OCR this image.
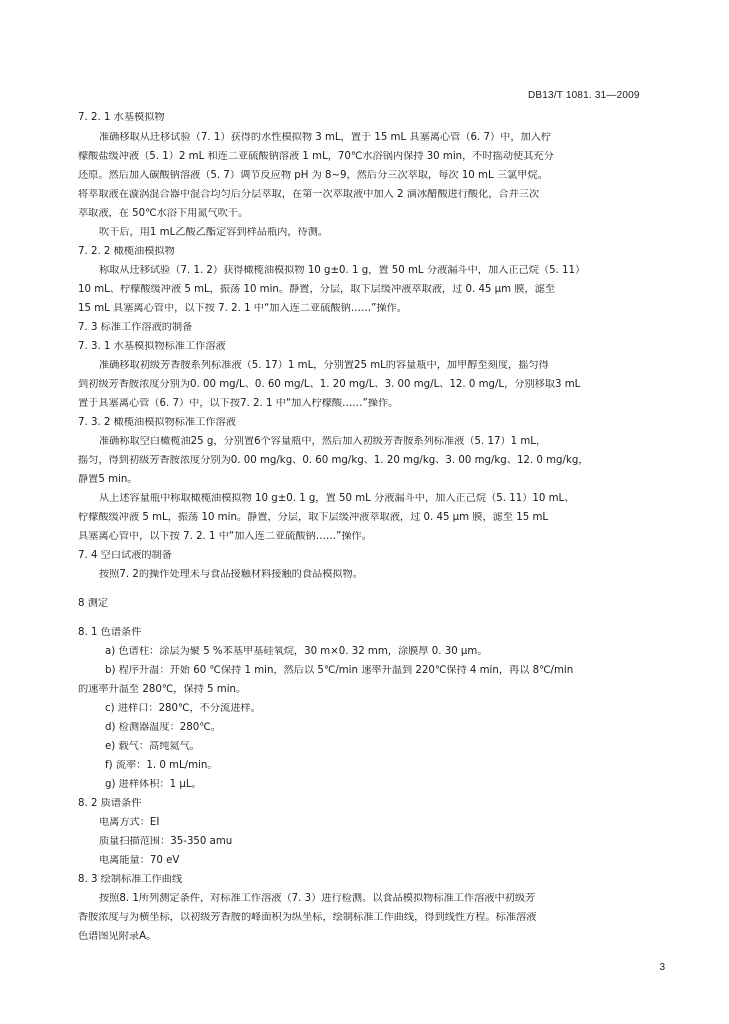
DB13/T 1081. 31—2009
7. 2. 1 水基模拟物
准确移取从迁移试验（7. 1）获得的水性模拟物 3 mL，置于 15 mL 具塞离心管（6. 7）中，加入柠
檬酸盐缓冲液（5. 1）2 mL 和连二亚硫酸钠溶液 1 mL，70℃水浴锅内保持 30 min，不时摇动使其充分
还原。然后加入碳酸钠溶液（5. 7）调节反应物 pH 为 8~9，然后分三次萃取，每次 10 mL 三氯甲烷。
将萃取液在漩涡混合器中混合均匀后分层萃取，在第一次萃取液中加入 2 滴冰醋酸进行酸化，合并三次
萃取液，在 50℃水浴下用氮气吹干。
吹干后，用1 mL乙酸乙酯定容到样品瓶内，待测。
7. 2. 2 橄榄油模拟物
称取从迁移试验（7. 1. 2）获得橄榄油模拟物 10 g±0. 1 g，置 50 mL 分液漏斗中，加入正己烷（5. 11）
10 mL、柠檬酸缓冲液 5 mL，振荡 10 min。静置，分层，取下层缓冲液萃取液，过 0. 45 μm 膜，滤至
15 mL 具塞离心管中，以下按 7. 2. 1 中“加入连二亚硫酸钠……”操作。
7. 3 标准工作溶液的制备
7. 3. 1 水基模拟物标准工作溶液
准确移取初级芳香胺系列标准液（5. 17）1 mL，分别置25 mL的容量瓶中，加甲醇至刻度，摇匀得
到初级芳香胺浓度分别为0. 00 mg/L、0. 60 mg/L、1. 20 mg/L、3. 00 mg/L、12. 0 mg/L，分别移取3 mL
置于具塞离心管（6. 7）中，以下按7. 2. 1 中“加入柠檬酸……”操作。
7. 3. 2 橄榄油模拟物标准工作溶液
准确称取空白橄榄油25 g，分别置6个容量瓶中，然后加入初级芳香胺系列标准液（5. 17）1 mL，
摇匀，得到初级芳香胺浓度分别为0. 00 mg/kg、0. 60 mg/kg、1. 20 mg/kg、3. 00 mg/kg、12. 0 mg/kg，
静置5 min。
从上述容量瓶中称取橄榄油模拟物 10 g±0. 1 g，置 50 mL 分液漏斗中，加入正己烷（5. 11）10 mL、
柠檬酸缓冲液 5 mL，振荡 10 min。静置，分层，取下层缓冲液萃取液，过 0. 45 μm 膜，滤至 15 mL
具塞离心管中，以下按 7. 2. 1 中“加入连二亚硫酸钠……”操作。
7. 4 空白试液的制备
按照7. 2的操作处理未与食品接触材料接触的食品模拟物。
8 测定
8. 1 色谱条件
a) 色谱柱：涂层为聚 5 %苯基甲基硅氧烷，30 m×0. 32 mm，涂膜厚 0. 30 μm。
b) 程序升温：开始 60 ℃保持 1 min，然后以 5℃/min 速率升温到 220℃保持 4 min，再以 8℃/min
的速率升温至 280℃，保持 5 min。
c) 进样口：280℃，不分流进样。
d) 检测器温度：280℃。
e) 载气：高纯氦气。
f) 流率：1. 0 mL/min。
g) 进样体积：1 μL。
8. 2 质谱条件
电离方式：EI
质量扫描范围：35-350 amu
电离能量：70 eV
8. 3 绘制标准工作曲线
按照8. 1所列测定条件，对标准工作溶液（7. 3）进行检测。以食品模拟物标准工作溶液中初级芳
香胺浓度与为横坐标，以初级芳香胺的峰面积为纵坐标，绘制标准工作曲线，得到线性方程。标准溶液
色谱图见附录A。
3
